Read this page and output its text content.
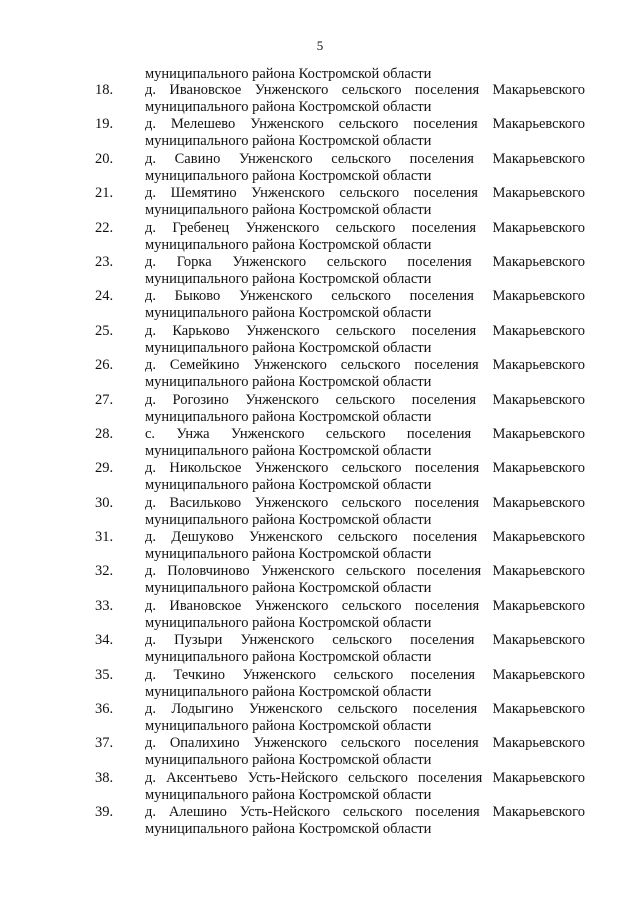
5
муниципального района Костромской области
18. д. Ивановское Унженского сельского поселения Макарьевского
муниципального района Костромской области
19. д. Мелешево Унженского сельского поселения Макарьевского
муниципального района Костромской области
20. д. Савино Унженского сельского поселения Макарьевского
муниципального района Костромской области
21. д. Шемятино Унженского сельского поселения Макарьевского
муниципального района Костромской области
22. д. Гребенец Унженского сельского поселения Макарьевского
муниципального района Костромской области
23. д. Горка Унженского сельского поселения Макарьевского
муниципального района Костромской области
24. д. Быково Унженского сельского поселения Макарьевского
муниципального района Костромской области
25. д. Карьково Унженского сельского поселения Макарьевского
муниципального района Костромской области
26. д. Семейкино Унженского сельского поселения Макарьевского
муниципального района Костромской области
27. д. Рогозино Унженского сельского поселения Макарьевского
муниципального района Костромской области
28. с. Унжа Унженского сельского поселения Макарьевского
муниципального района Костромской области
29. д. Никольское Унженского сельского поселения Макарьевского
муниципального района Костромской области
30. д. Васильково Унженского сельского поселения Макарьевского
муниципального района Костромской области
31. д. Дешуково Унженского сельского поселения Макарьевского
муниципального района Костромской области
32. д. Половчиново Унженского сельского поселения Макарьевского
муниципального района Костромской области
33. д. Ивановское Унженского сельского поселения Макарьевского
муниципального района Костромской области
34. д. Пузыри Унженского сельского поселения Макарьевского
муниципального района Костромской области
35. д. Течкино Унженского сельского поселения Макарьевского
муниципального района Костромской области
36. д. Лодыгино Унженского сельского поселения Макарьевского
муниципального района Костромской области
37. д. Опалихино Унженского сельского поселения Макарьевского
муниципального района Костромской области
38. д. Аксентьево Усть-Нейского сельского поселения Макарьевского
муниципального района Костромской области
39. д. Алешино Усть-Нейского сельского поселения Макарьевского
муниципального района Костромской области
